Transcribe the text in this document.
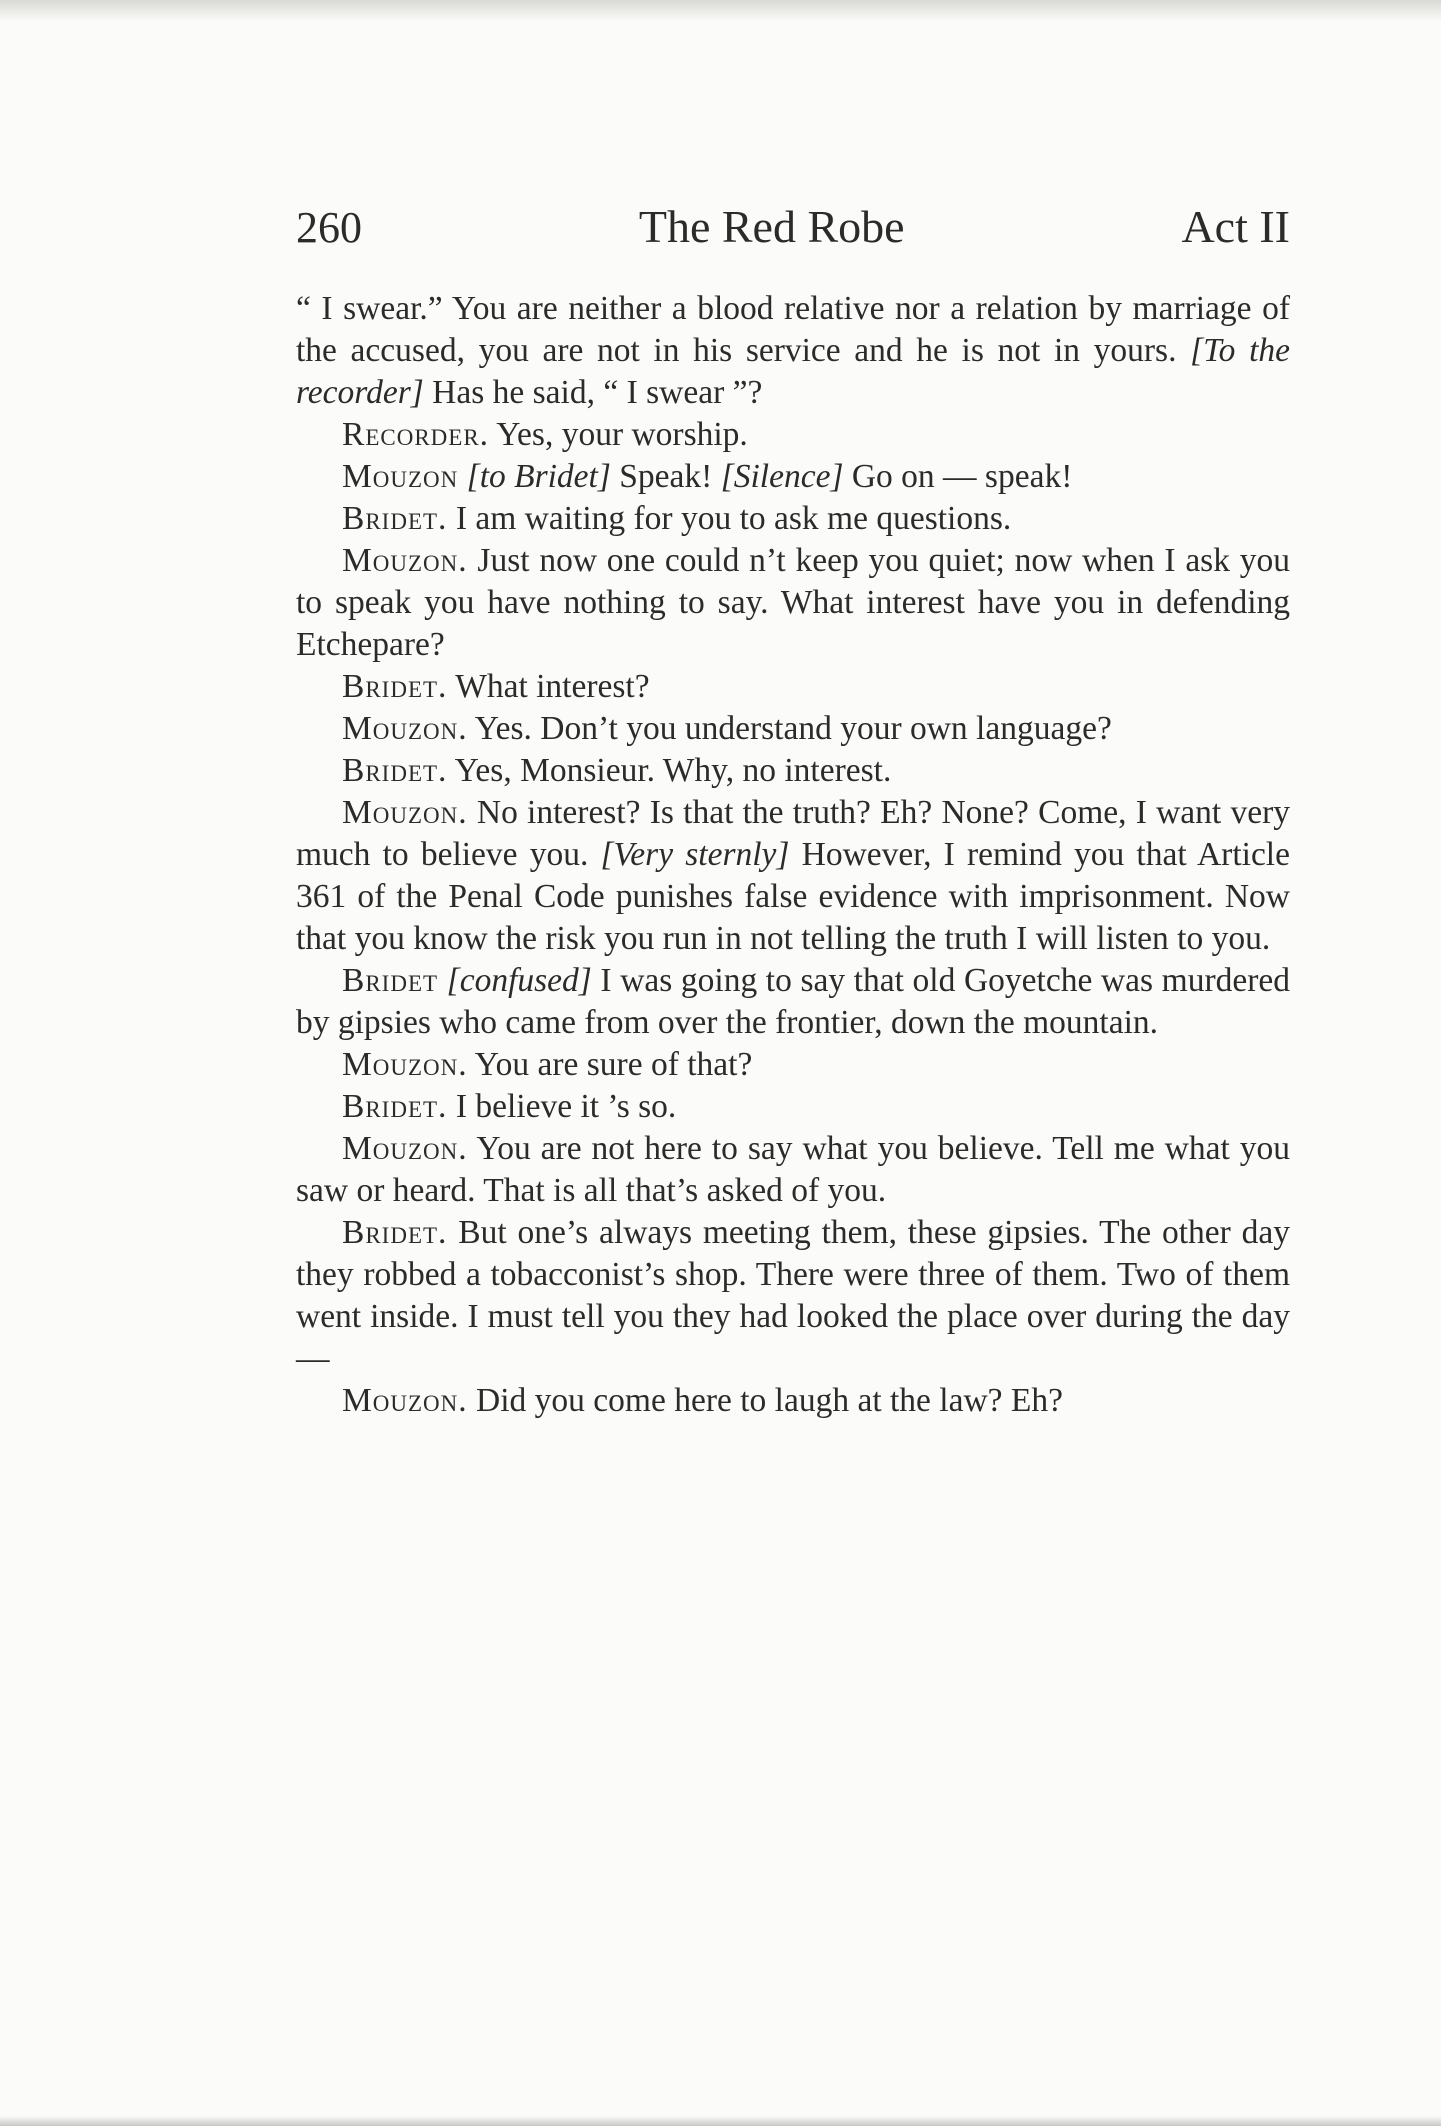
260	The Red Robe	Act II

“ I swear.” You are neither a blood relative nor a relation by marriage of the accused, you are not in his service and he is not in yours. [To the recorder] Has he said, “ I swear ”?

Recorder. Yes, your worship.

Mouzon [to Bridet] Speak! [Silence] Go on — speak!

Bridet. I am waiting for you to ask me questions.

Mouzon. Just now one could n’t keep you quiet; now when I ask you to speak you have nothing to say. What interest have you in defending Etchepare?

Bridet. What interest?

Mouzon. Yes. Don’t you understand your own language?

Bridet. Yes, Monsieur. Why, no interest.

Mouzon. No interest? Is that the truth? Eh? None? Come, I want very much to believe you. [Very sternly] However, I remind you that Article 361 of the Penal Code punishes false evidence with imprisonment. Now that you know the risk you run in not telling the truth I will listen to you.

Bridet [confused] I was going to say that old Goyetche was murdered by gipsies who came from over the frontier, down the mountain.

Mouzon. You are sure of that?

Bridet. I believe it ’s so.

Mouzon. You are not here to say what you believe. Tell me what you saw or heard. That is all that’s asked of you.

Bridet. But one’s always meeting them, these gipsies. The other day they robbed a tobacconist’s shop. There were three of them. Two of them went inside. I must tell you they had looked the place over during the day —

Mouzon. Did you come here to laugh at the law? Eh?
